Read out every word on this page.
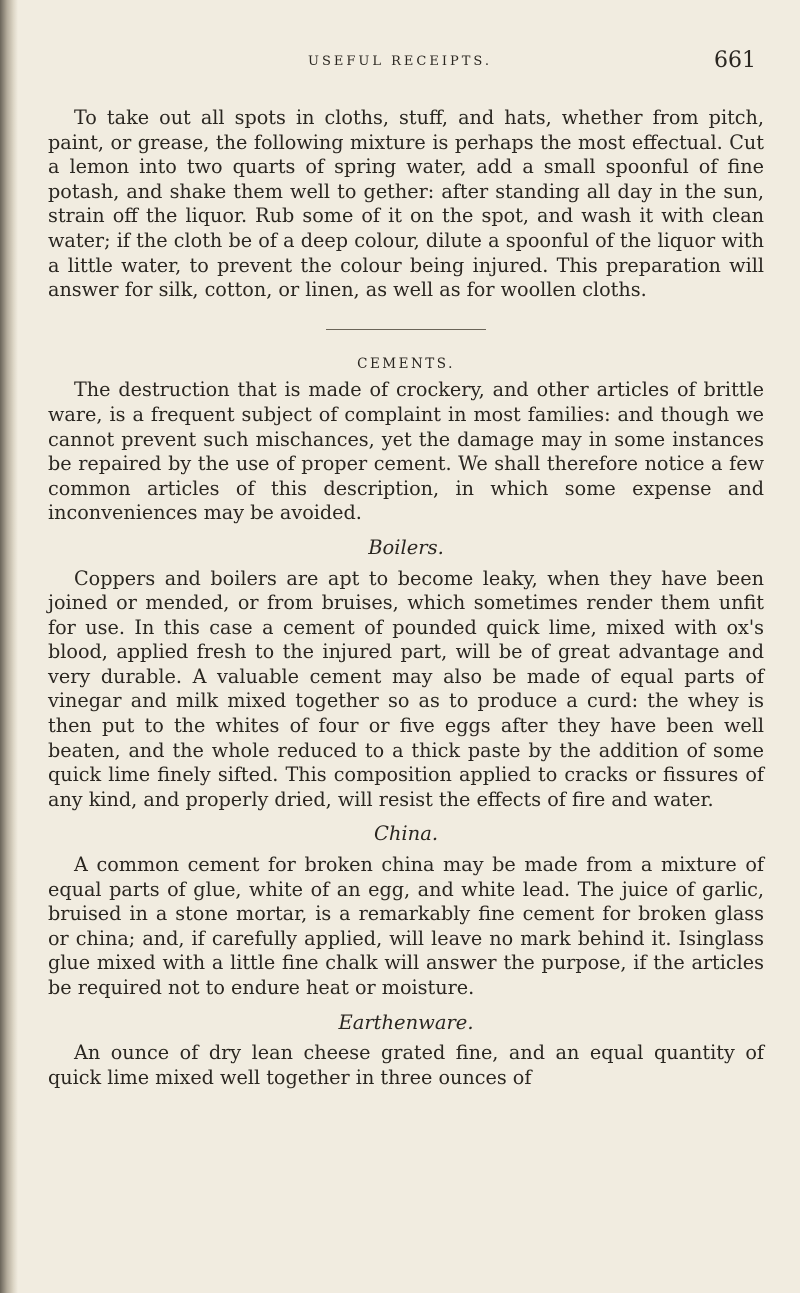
USEFUL RECEIPTS.	661

To take out all spots in cloths, stuff, and hats, whether from pitch, paint, or grease, the following mixture is perhaps the most effectual. Cut a lemon into two quarts of spring water, add a small spoonful of fine potash, and shake them well to gether: after standing all day in the sun, strain off the liquor. Rub some of it on the spot, and wash it with clean water; if the cloth be of a deep colour, dilute a spoonful of the liquor with a little water, to prevent the colour being injured. This preparation will answer for silk, cotton, or linen, as well as for woollen cloths.

CEMENTS.

The destruction that is made of crockery, and other articles of brittle ware, is a frequent subject of complaint in most families: and though we cannot prevent such mischances, yet the damage may in some instances be repaired by the use of proper cement. We shall therefore notice a few common articles of this description, in which some expense and inconveniences may be avoided.

Boilers.

Coppers and boilers are apt to become leaky, when they have been joined or mended, or from bruises, which sometimes render them unfit for use. In this case a cement of pounded quick lime, mixed with ox's blood, applied fresh to the injured part, will be of great advantage and very durable. A valuable cement may also be made of equal parts of vinegar and milk mixed together so as to produce a curd: the whey is then put to the whites of four or five eggs after they have been well beaten, and the whole reduced to a thick paste by the addition of some quick lime finely sifted. This composition applied to cracks or fissures of any kind, and properly dried, will resist the effects of fire and water.

China.

A common cement for broken china may be made from a mixture of equal parts of glue, white of an egg, and white lead. The juice of garlic, bruised in a stone mortar, is a remarkably fine cement for broken glass or china; and, if carefully applied, will leave no mark behind it. Isinglass glue mixed with a little fine chalk will answer the purpose, if the articles be required not to endure heat or moisture.

Earthenware.

An ounce of dry lean cheese grated fine, and an equal quantity of quick lime mixed well together in three ounces of
